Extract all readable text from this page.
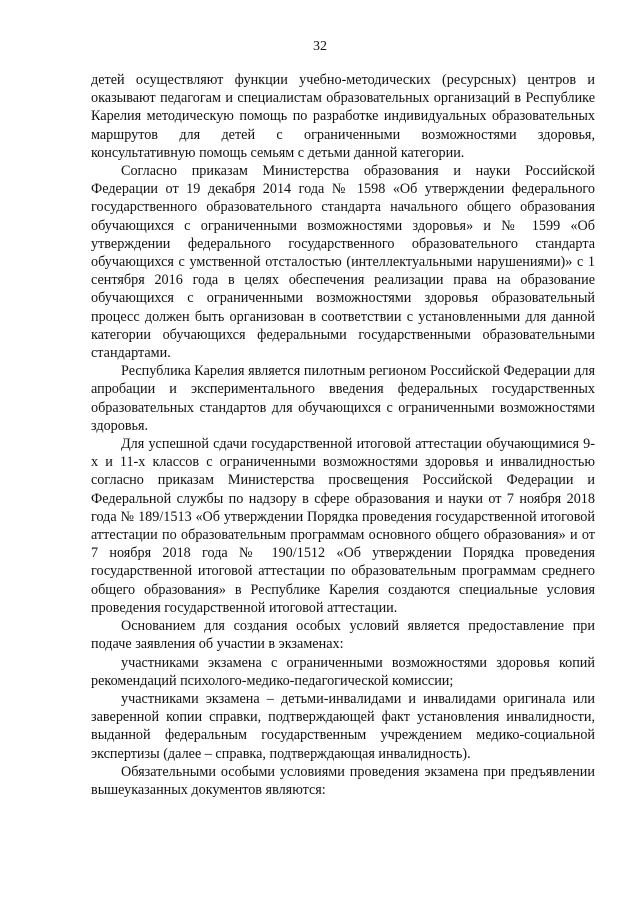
32

детей осуществляют функции учебно-методических (ресурсных) центров и оказывают педагогам и специалистам образовательных организаций в Республике Карелия методическую помощь по разработке индивидуальных образовательных маршрутов для детей с ограниченными возможностями здоровья, консультативную помощь семьям с детьми данной категории.

Согласно приказам Министерства образования и науки Российской Федерации от 19 декабря 2014 года № 1598 «Об утверждении федерального государственного образовательного стандарта начального общего образования обучающихся с ограниченными возможностями здоровья» и № 1599 «Об утверждении федерального государственного образовательного стандарта обучающихся с умственной отсталостью (интеллектуальными нарушениями)» с 1 сентября 2016 года в целях обеспечения реализации права на образование обучающихся с ограниченными возможностями здоровья образовательный процесс должен быть организован в соответствии с установленными для данной категории обучающихся федеральными государственными образовательными стандартами.

Республика Карелия является пилотным регионом Российской Федерации для апробации и экспериментального введения федеральных государственных образовательных стандартов для обучающихся с ограниченными возможностями здоровья.

Для успешной сдачи государственной итоговой аттестации обучающимися 9-х и 11-х классов с ограниченными возможностями здоровья и инвалидностью согласно приказам Министерства просвещения Российской Федерации и Федеральной службы по надзору в сфере образования и науки от 7 ноября 2018 года № 189/1513 «Об утверждении Порядка проведения государственной итоговой аттестации по образовательным программам основного общего образования» и от 7 ноября 2018 года № 190/1512 «Об утверждении Порядка проведения государственной итоговой аттестации по образовательным программам среднего общего образования» в Республике Карелия создаются специальные условия проведения государственной итоговой аттестации.

Основанием для создания особых условий является предоставление при подаче заявления об участии в экзаменах:

участниками экзамена с ограниченными возможностями здоровья копий рекомендаций психолого-медико-педагогической комиссии;

участниками экзамена – детьми-инвалидами и инвалидами оригинала или заверенной копии справки, подтверждающей факт установления инвалидности, выданной федеральным государственным учреждением медико-социальной экспертизы (далее – справка, подтверждающая инвалидность).

Обязательными особыми условиями проведения экзамена при предъявлении вышеуказанных документов являются:
